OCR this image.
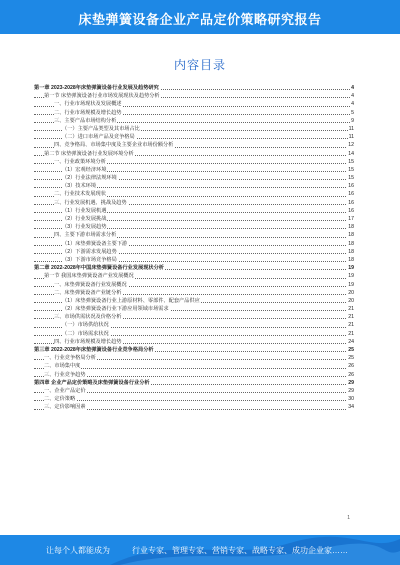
床垫弹簧设备企业产品定价策略研究报告
内容目录
第一章 2023-2028年床垫弹簧设备行业发展及趋势研究	4
第一节 床垫弹簧设备行业市场发展现状及趋势分析	4
一、行业市场现状及发展概述	4
二、行业市场规模及增长趋势	5
三、主要产品市场结构分析	9
（一）主要产品类型及其市场占比	11
（二）进口市场产品及竞争格局	11
四、竞争格局、市场集中度及主要企业市场份额分析	12
第二节 床垫弹簧设备行业发展环境分析	14
一、行业政策环境分析	15
（1）宏观经济环境	15
（2）行业法律法规环境	15
（3）技术环境	16
二、行业技术发展现状	16
三、行业发展机遇、挑战及趋势	16
（1）行业发展机遇	16
（2）行业发展挑战	17
（3）行业发展趋势	18
四、主要下游市场需求分析	18
（1）床垫弹簧设备主要下游	18
（2）下游需求发展趋势	18
（3）下游市场竞争格局	18
第二章 2022-2028年中国床垫弹簧设备行业发展现状分析	19
第一节 我国床垫弹簧设备产业发展概况	19
一、床垫弹簧设备行业发展概况	19
二、床垫弹簧设备产业链分析	20
（1）床垫弹簧设备行业上游原材料、零部件、配套产品供应	20
（2）床垫弹簧设备行业下游应用领域市场需求	21
三、市场供需状况及价格分析	21
（一）市场供给状况	21
（二）市场需求状况	21
四、行业市场规模及增长趋势	24
第三章 2022-2028年床垫弹簧设备行业竞争格局分析	25
一、行业竞争格局分析	25
二、市场集中度	26
三、行业竞争趋势	26
第四章 企业产品定价策略及床垫弹簧设备行业分析	29
一、企业产品定价	29
二、定价策略	30
三、定价影响因素	34
1
让每个人都能成为	行业专家、管理专家、营销专家、战略专家、成功企业家……
